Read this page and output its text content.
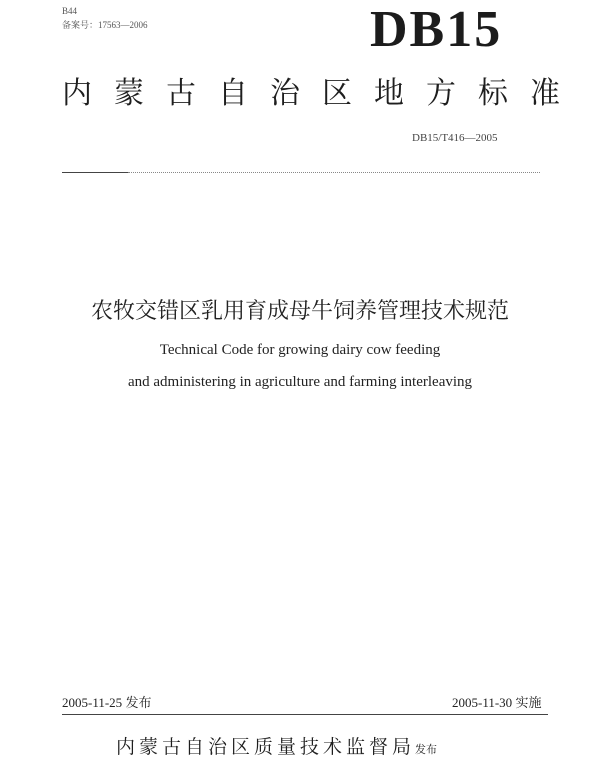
B44
备案号：17563—2006	DB15
内蒙古自治区地方标准
DB15/T416—2005
农牧交错区乳用育成母牛饲养管理技术规范
Technical Code for growing dairy cow feeding
and administering in agriculture and farming interleaving
2005-11-25 发布	2005-11-30 实施
内蒙古自治区质量技术监督局发布
